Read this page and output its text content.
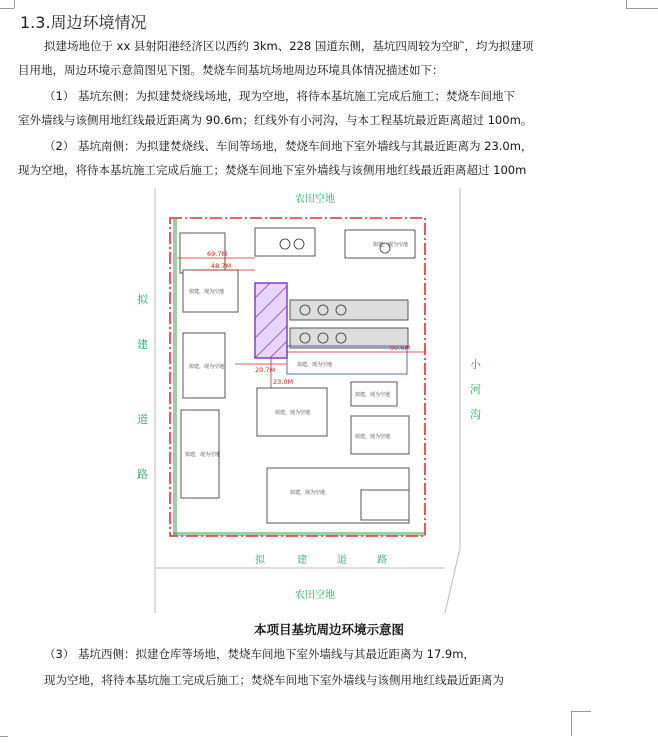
1.3.周边环境情况
拟建场地位于 xx 县射阳港经济区以西约 3km、228 国道东侧，基坑四周较为空旷，均为拟建项
目用地，周边环境示意简图见下图。焚烧车间基坑场地周边环境具体情况描述如下：
（1） 基坑东侧：为拟建焚烧线场地，现为空地，将待本基坑施工完成后施工；焚烧车间地下
室外墙线与该侧用地红线最近距离为 90.6m；红线外有小河沟，与本工程基坑最近距离超过 100m。
（2） 基坑南侧：为拟建焚烧线、车间等场地，焚烧车间地下室外墙线与其最近距离为 23.0m，
现为空地，将待本基坑施工完成后施工；焚烧车间地下室外墙线与该侧用地红线最近距离超过 100m
农田空地
农田空地
拟
建
道
路
拟	建	道	路
小
河
沟
69.7M
48.7M
20.7M
90.6M
23.0M
拟建，现为空地
拟建，现为空地
拟建，现为空地
拟建，现为空地
拟建，现为空地
拟建，现为空地
拟建，现为空地
拟建，现为空地
拟建，现为空地
本项目基坑周边环境示意图
（3） 基坑西侧：拟建仓库等场地，焚烧车间地下室外墙线与其最近距离为 17.9m，
现为空地，将待本基坑施工完成后施工；焚烧车间地下室外墙线与该侧用地红线最近距离为
